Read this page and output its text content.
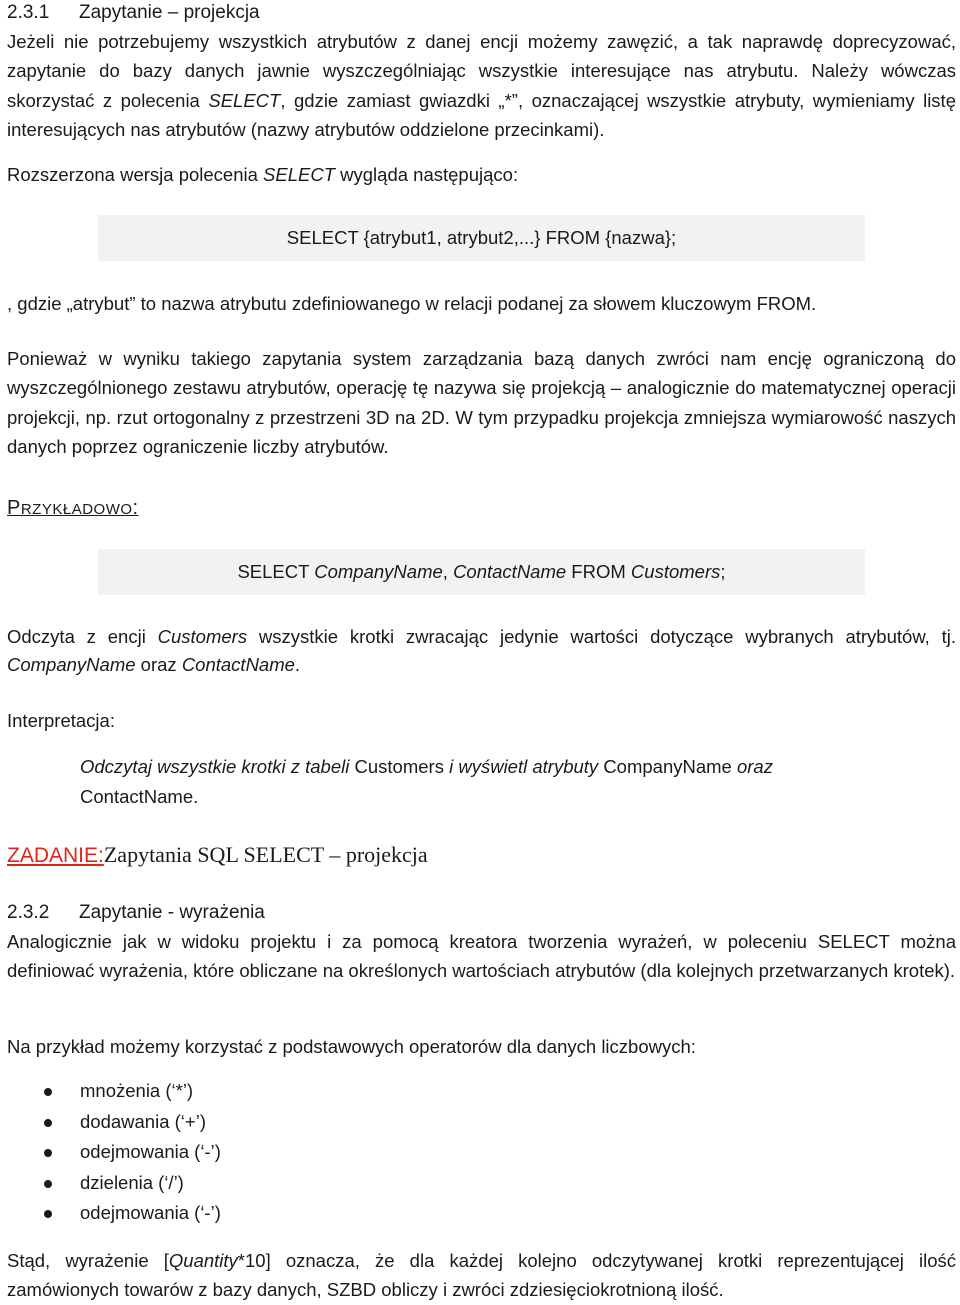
2.3.1	Zapytanie – projekcja

Jeżeli nie potrzebujemy wszystkich atrybutów z danej encji możemy zawęzić, a tak naprawdę doprecyzować, zapytanie do bazy danych jawnie wyszczególniając wszystkie interesujące nas atrybutu. Należy wówczas skorzystać z polecenia SELECT, gdzie zamiast gwiazdki „*”, oznaczającej wszystkie atrybuty, wymieniamy listę interesujących nas atrybutów (nazwy atrybutów oddzielone przecinkami).

Rozszerzona wersja polecenia SELECT wygląda następująco:

SELECT {atrybut1, atrybut2,...} FROM {nazwa};

, gdzie „atrybut” to nazwa atrybutu zdefiniowanego w relacji podanej za słowem kluczowym FROM.

Ponieważ w wyniku takiego zapytania system zarządzania bazą danych zwróci nam encję ograniczoną do wyszczególnionego zestawu atrybutów, operację tę nazywa się projekcją – analogicznie do matematycznej operacji projekcji, np. rzut ortogonalny z przestrzeni 3D na 2D. W tym przypadku projekcja zmniejsza wymiarowość naszych danych poprzez ograniczenie liczby atrybutów.

PRZYKŁADOWO:
SELECT CompanyName, ContactName FROM Customers;

Odczyta z encji Customers wszystkie krotki zwracając jedynie wartości dotyczące wybranych atrybutów, tj. CompanyName oraz ContactName.

Interpretacja:

Odczytaj wszystkie krotki z tabeli Customers i wyświetl atrybuty CompanyName oraz
ContactName.
ZADANIE:Zapytania SQL SELECT – projekcja
2.3.2	Zapytanie - wyrażenia

Analogicznie jak w widoku projektu i za pomocą kreatora tworzenia wyrażeń, w poleceniu SELECT można definiować wyrażenia, które obliczane na określonych wartościach atrybutów (dla kolejnych przetwarzanych krotek).

Na przykład możemy korzystać z podstawowych operatorów dla danych liczbowych:

mnożenia (‘*’)
dodawania (‘+’)
odejmowania (‘-’)
dzielenia (‘/’)
odejmowania (‘-’)

Stąd, wyrażenie [Quantity*10] oznacza, że dla każdej kolejno odczytywanej krotki reprezentującej ilość zamówionych towarów z bazy danych, SZBD obliczy i zwróci zdziesięciokrotnioną ilość.
